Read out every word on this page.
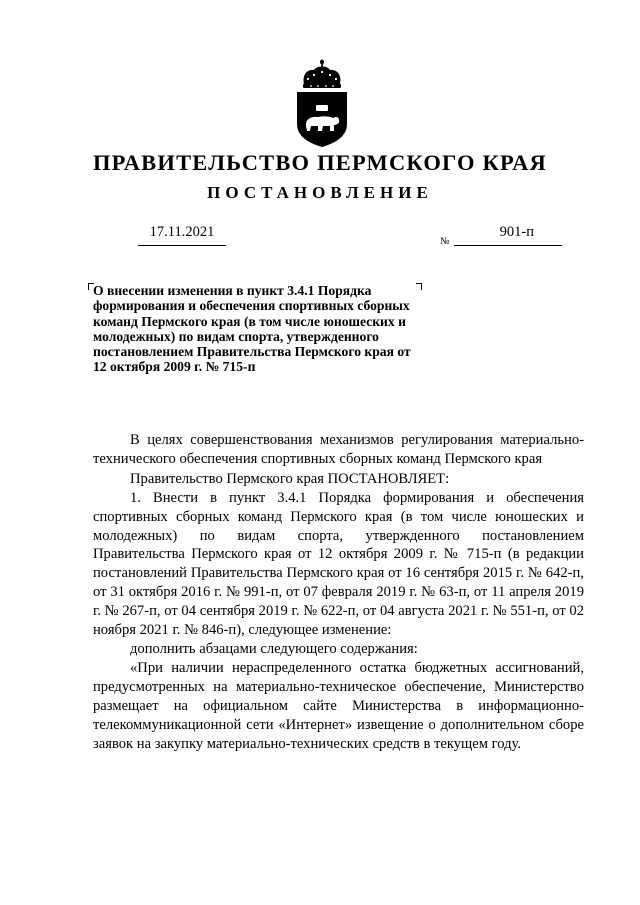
ПРАВИТЕЛЬСТВО ПЕРМСКОГО КРАЯ
ПОСТАНОВЛЕНИЕ
17.11.2021
№
901-п
О внесении изменения в пункт 3.4.1 Порядка формирования и обеспечения спортивных сборных команд Пермского края (в том числе юношеских и молодежных) по видам спорта, утвержденного постановлением Правительства Пермского края от 12 октября 2009 г. № 715-п

В целях совершенствования механизмов регулирования материально-технического обеспечения спортивных сборных команд Пермского края

Правительство Пермского края ПОСТАНОВЛЯЕТ:

1. Внести в пункт 3.4.1 Порядка формирования и обеспечения спортивных сборных команд Пермского края (в том числе юношеских и молодежных) по видам спорта, утвержденного постановлением Правительства Пермского края от 12 октября 2009 г. № 715-п (в редакции постановлений Правительства Пермского края от 16 сентября 2015 г. № 642-п, от 31 октября 2016 г. № 991-п, от 07 февраля 2019 г. № 63-п, от 11 апреля 2019 г. № 267-п, от 04 сентября 2019 г. № 622-п, от 04 августа 2021 г. № 551-п, от 02 ноября 2021 г. № 846-п), следующее изменение:

дополнить абзацами следующего содержания:

«При наличии нераспределенного остатка бюджетных ассигнований, предусмотренных на материально-техническое обеспечение, Министерство размещает на официальном сайте Министерства в информационно-телекоммуникационной сети «Интернет» извещение о дополнительном сборе заявок на закупку материально-технических средств в текущем году.
